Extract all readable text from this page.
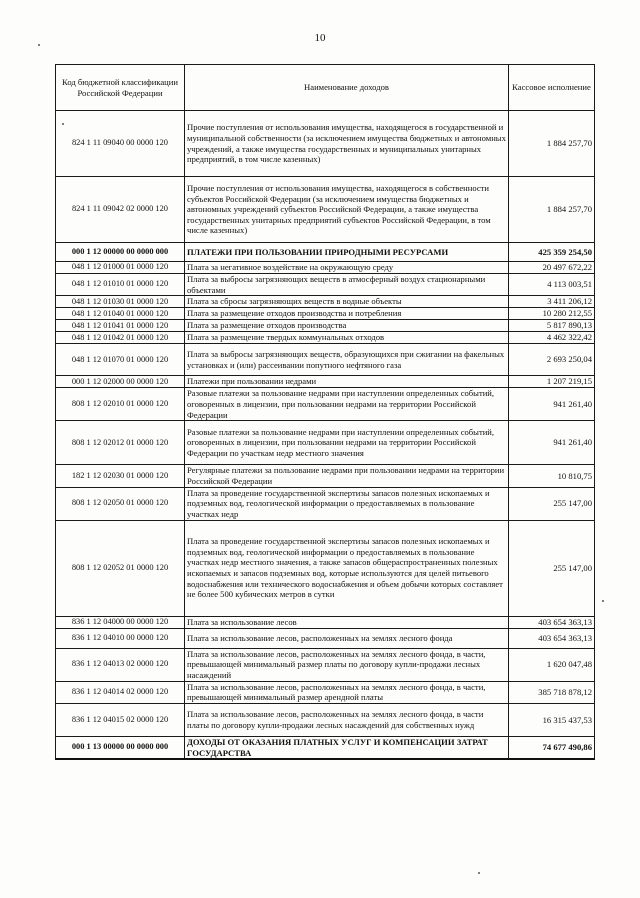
10
Код бюджетной классификации Российской Федерации	Наименование доходов	Кассовое исполнение
824 1 11 09040 00 0000 120	Прочие поступления от использования имущества, находящегося в государственной и муниципальной собственности (за исключением имущества бюджетных и автономных учреждений, а также имущества государственных и муниципальных унитарных предприятий, в том числе казенных)	1 884 257,70
824 1 11 09042 02 0000 120	Прочие поступления от использования имущества, находящегося в собственности субъектов Российской Федерации (за исключением имущества бюджетных и автономных учреждений субъектов Российской Федерации, а также имущества государственных унитарных предприятий субъектов Российской Федерации, в том числе казенных)	1 884 257,70
000 1 12 00000 00 0000 000	ПЛАТЕЖИ ПРИ ПОЛЬЗОВАНИИ ПРИРОДНЫМИ РЕСУРСАМИ	425 359 254,50
048 1 12 01000 01 0000 120	Плата за негативное воздействие на окружающую среду	20 497 672,22
048 1 12 01010 01 0000 120	Плата за выбросы загрязняющих веществ в атмосферный воздух стационарными объектами	4 113 003,51
048 1 12 01030 01 0000 120	Плата за сбросы загрязняющих веществ в водные объекты	3 411 206,12
048 1 12 01040 01 0000 120	Плата за размещение отходов производства и потребления	10 280 212,55
048 1 12 01041 01 0000 120	Плата за размещение отходов производства	5 817 890,13
048 1 12 01042 01 0000 120	Плата за размещение твердых коммунальных отходов	4 462 322,42
048 1 12 01070 01 0000 120	Плата за выбросы загрязняющих веществ, образующихся при сжигании на факельных установках и (или) рассеивании попутного нефтяного газа	2 693 250,04
000 1 12 02000 00 0000 120	Платежи при пользовании недрами	1 207 219,15
808 1 12 02010 01 0000 120	Разовые платежи за пользование недрами при наступлении определенных событий, оговоренных в лицензии, при пользовании недрами на территории Российской Федерации	941 261,40
808 1 12 02012 01 0000 120	Разовые платежи за пользование недрами при наступлении определенных событий, оговоренных в лицензии, при пользовании недрами на территории Российской Федерации по участкам недр местного значения	941 261,40
182 1 12 02030 01 0000 120	Регулярные платежи за пользование недрами при пользовании недрами на территории Российской Федерации	10 810,75
808 1 12 02050 01 0000 120	Плата за проведение государственной экспертизы запасов полезных ископаемых и подземных вод, геологической информации о предоставляемых в пользование участках недр	255 147,00
808 1 12 02052 01 0000 120	Плата за проведение государственной экспертизы запасов полезных ископаемых и подземных вод, геологической информации о предоставляемых в пользование участках недр местного значения, а также запасов общераспространенных полезных ископаемых и запасов подземных вод, которые используются для целей питьевого водоснабжения или технического водоснабжения и объем добычи которых составляет не более 500 кубических метров в сутки	255 147,00
836 1 12 04000 00 0000 120	Плата за использование лесов	403 654 363,13
836 1 12 04010 00 0000 120	Плата за использование лесов, расположенных на землях лесного фонда	403 654 363,13
836 1 12 04013 02 0000 120	Плата за использование лесов, расположенных на землях лесного фонда, в части, превышающей минимальный размер платы по договору купли-продажи лесных насаждений	1 620 047,48
836 1 12 04014 02 0000 120	Плата за использование лесов, расположенных на землях лесного фонда, в части, превышающей минимальный размер арендной платы	385 718 878,12
836 1 12 04015 02 0000 120	Плата за использование лесов, расположенных на землях лесного фонда, в части платы по договору купли-продажи лесных насаждений для собственных нужд	16 315 437,53
000 1 13 00000 00 0000 000	ДОХОДЫ ОТ ОКАЗАНИЯ ПЛАТНЫХ УСЛУГ И КОМПЕНСАЦИИ ЗАТРАТ ГОСУДАРСТВА	74 677 490,86
